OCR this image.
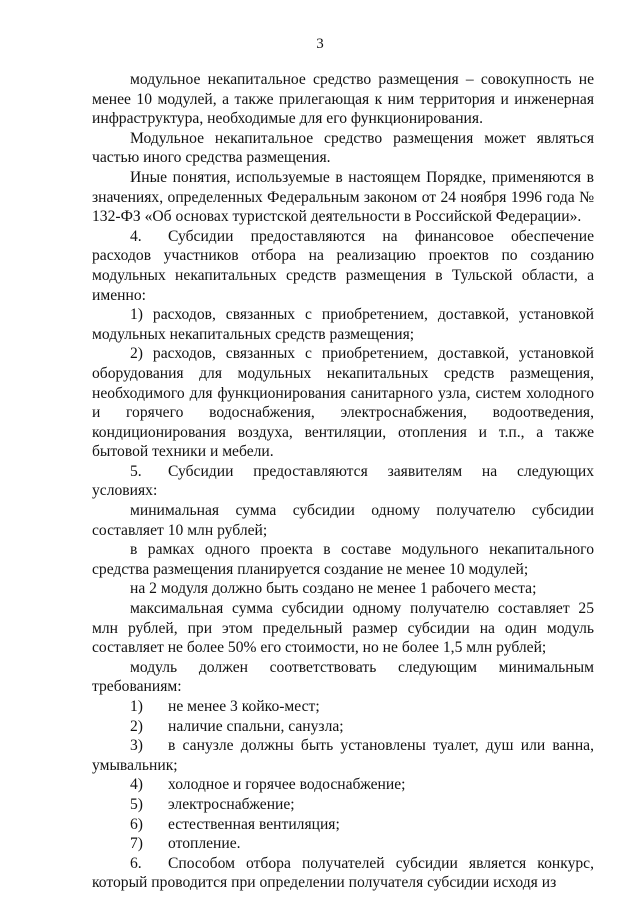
3

модульное некапитальное средство размещения – совокупность не менее 10 модулей, а также прилегающая к ним территория и инженерная инфраструктура, необходимые для его функционирования.

Модульное некапитальное средство размещения может являться частью иного средства размещения.

Иные понятия, используемые в настоящем Порядке, применяются в значениях, определенных Федеральным законом от 24 ноября 1996 года № 132-ФЗ «Об основах туристской деятельности в Российской Федерации».

4. Субсидии предоставляются на финансовое обеспечение расходов участников отбора на реализацию проектов по созданию модульных некапитальных средств размещения в Тульской области, а именно:

1) расходов, связанных с приобретением, доставкой, установкой модульных некапитальных средств размещения;

2) расходов, связанных с приобретением, доставкой, установкой оборудования для модульных некапитальных средств размещения, необходимого для функционирования санитарного узла, систем холодного и горячего водоснабжения, электроснабжения, водоотведения, кондиционирования воздуха, вентиляции, отопления и т.п., а также бытовой техники и мебели.

5. Субсидии предоставляются заявителям на следующих условиях:

минимальная сумма субсидии одному получателю субсидии составляет 10 млн рублей;

в рамках одного проекта в составе модульного некапитального средства размещения планируется создание не менее 10 модулей;

на 2 модуля должно быть создано не менее 1 рабочего места;

максимальная сумма субсидии одному получателю составляет 25 млн рублей, при этом предельный размер субсидии на один модуль составляет не более 50% его стоимости, но не более 1,5 млн рублей;

модуль должен соответствовать следующим минимальным требованиям:

1)	не менее 3 койко-мест;
2)	наличие спальни, санузла;
3)	в санузле должны быть установлены туалет, душ или ванна,
умывальник;
4)	холодное и горячее водоснабжение;
5)	электроснабжение;
6)	естественная вентиляция;
7)	отопление.

6. Способом отбора получателей субсидии является конкурс, который проводится при определении получателя субсидии исходя из
